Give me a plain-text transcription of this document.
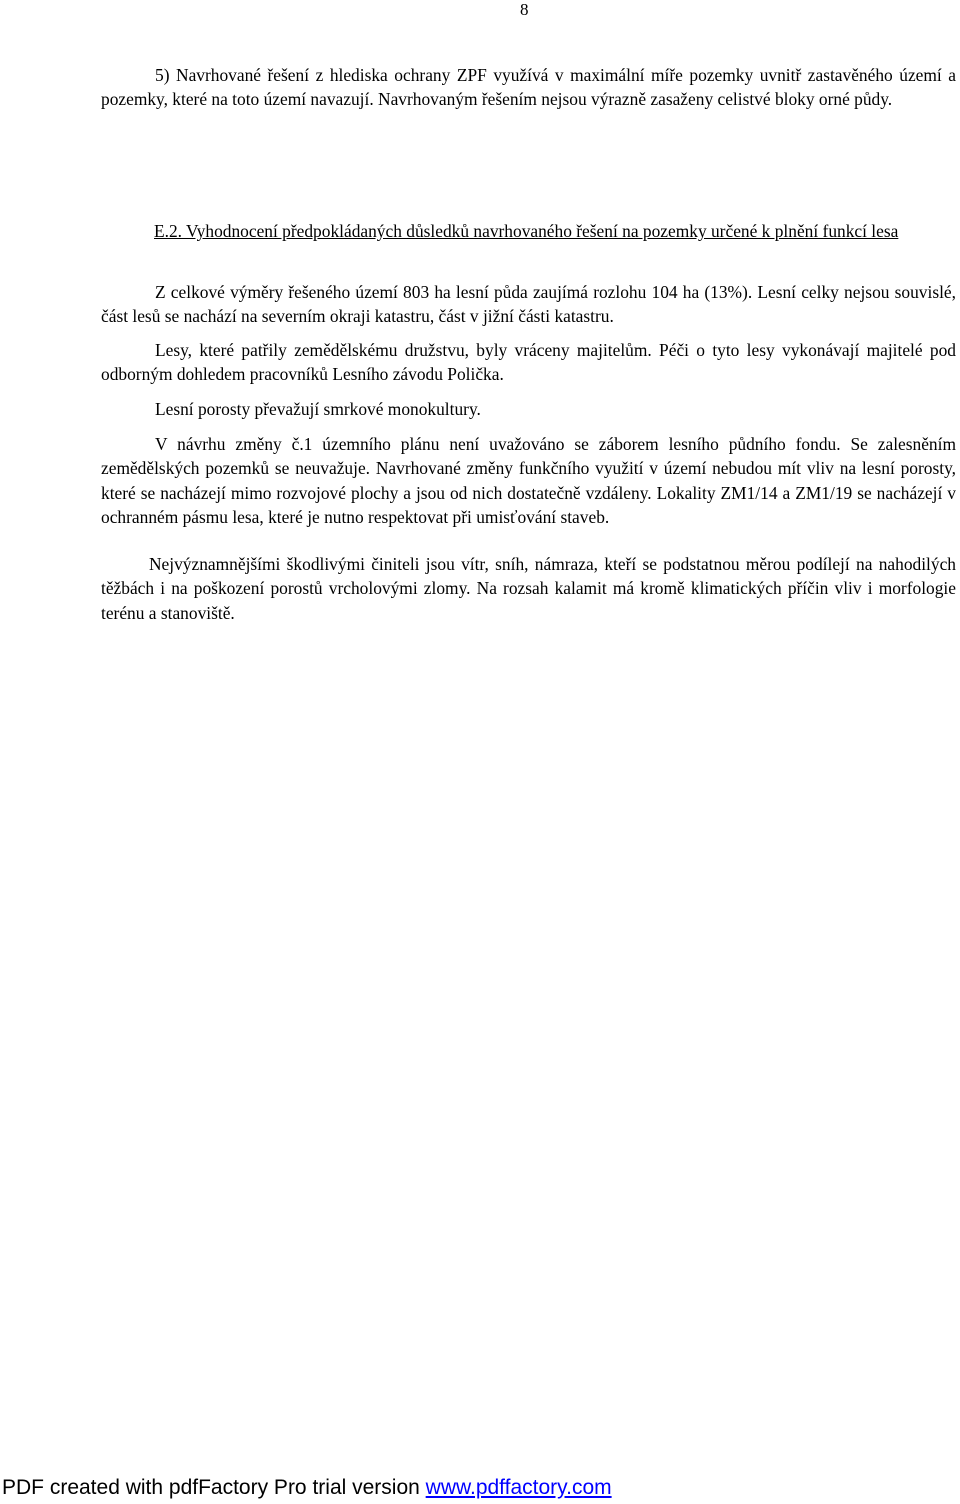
8
5) Navrhované řešení z hlediska ochrany ZPF využívá v maximální míře pozemky uvnitř zastavěného území a pozemky, které na toto území navazují. Navrhovaným řešením nejsou výrazně zasaženy celistvé bloky orné půdy.
E.2. Vyhodnocení předpokládaných důsledků navrhovaného řešení na pozemky určené k plnění funkcí lesa
Z celkové výměry řešeného území 803 ha lesní půda zaujímá rozlohu 104 ha (13%). Lesní celky nejsou souvislé, část lesů se nachází na severním okraji katastru, část v jižní části katastru.
Lesy, které patřily zemědělskému družstvu, byly vráceny majitelům. Péči o tyto lesy vykonávají majitelé pod odborným dohledem pracovníků Lesního závodu Polička.
Lesní porosty převažují smrkové monokultury.
V návrhu změny č.1 územního plánu není uvažováno se záborem lesního půdního fondu. Se zalesněním zemědělských pozemků se neuvažuje. Navrhované změny funkčního využití v území nebudou mít vliv na lesní porosty, které se nacházejí mimo rozvojové plochy a jsou od nich dostatečně vzdáleny. Lokality ZM1/14 a ZM1/19 se nacházejí v ochranném pásmu lesa, které je nutno respektovat při umisťování staveb.
Nejvýznamnějšími škodlivými činiteli jsou vítr, sníh, námraza, kteří se podstatnou měrou podílejí na nahodilých těžbách i na poškození porostů vrcholovými zlomy. Na rozsah kalamit má kromě klimatických příčin vliv i morfologie terénu a stanoviště.
PDF created with pdfFactory Pro trial version www.pdffactory.com
